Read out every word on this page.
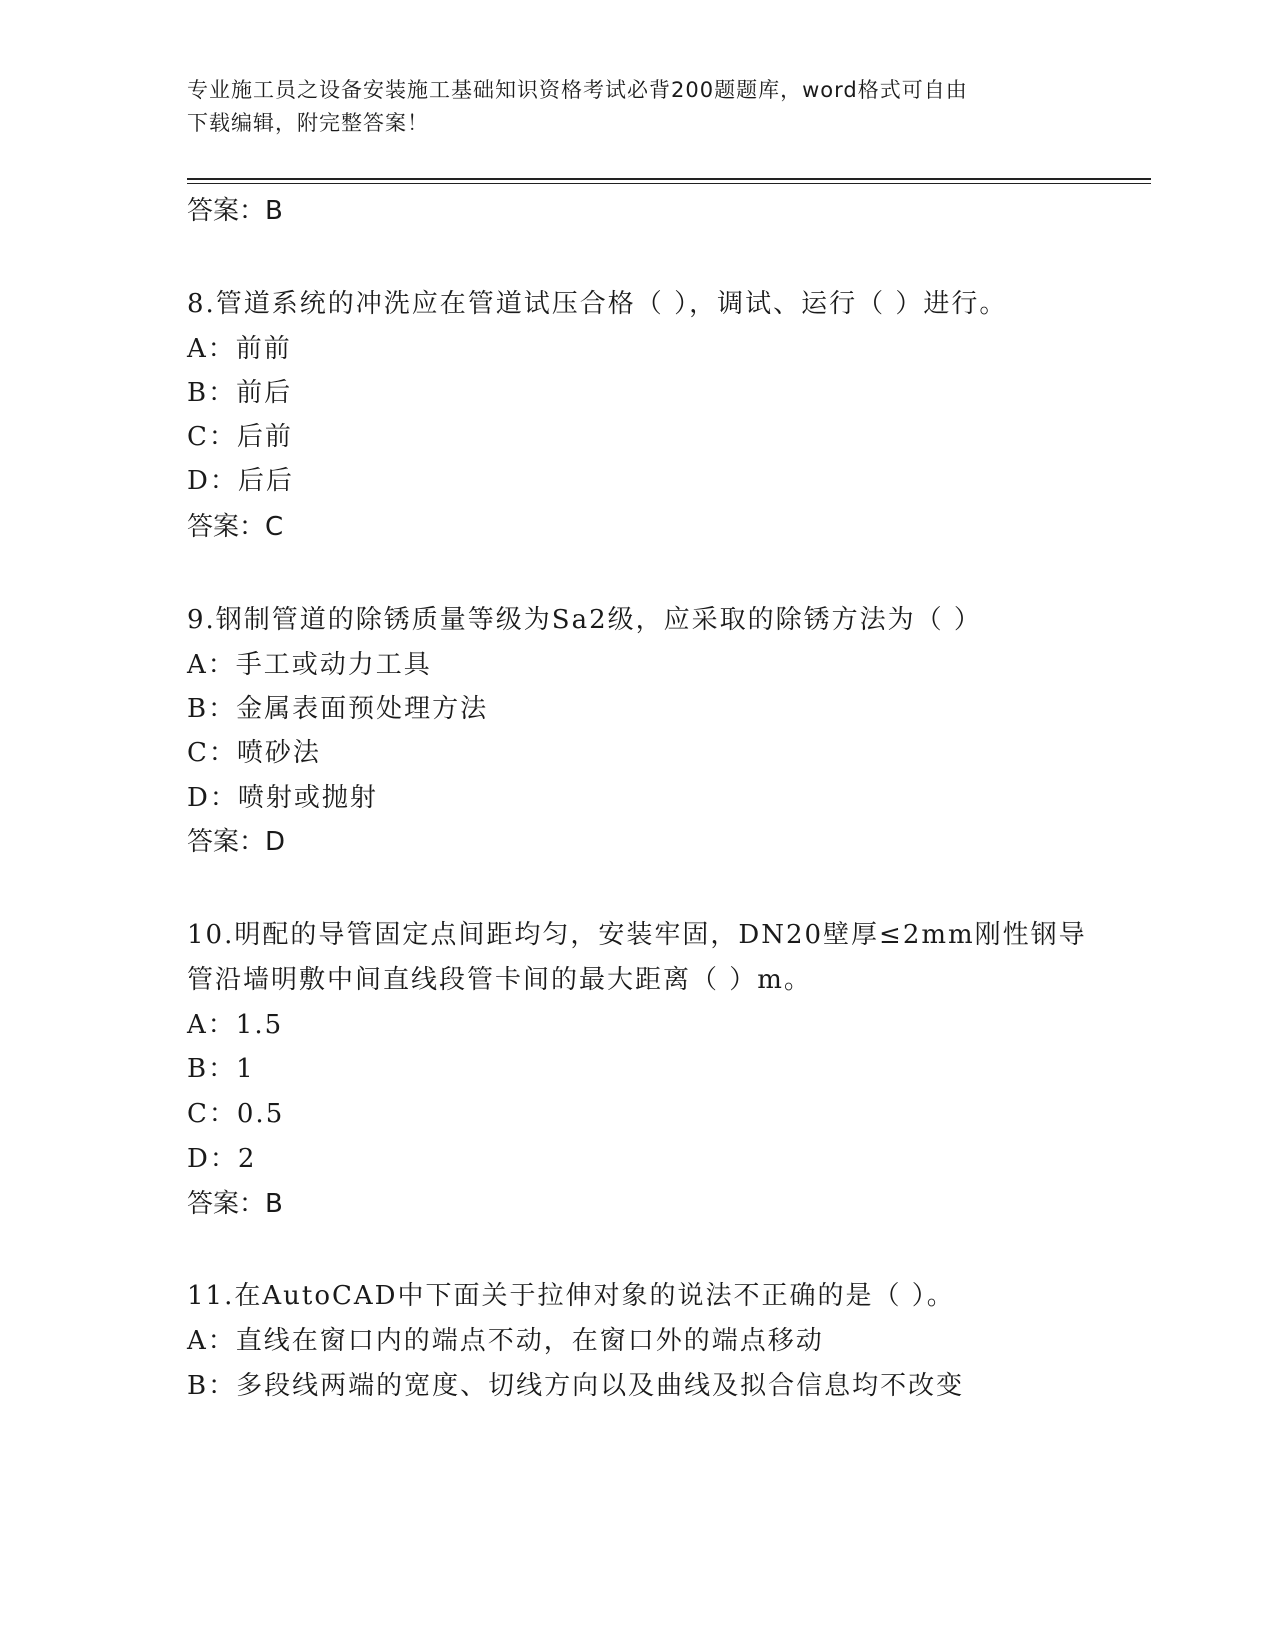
专业施工员之设备安装施工基础知识资格考试必背200题题库，word格式可自由
下载编辑，附完整答案！
答案：B
8.管道系统的冲洗应在管道试压合格（ ），调试、运行（ ）进行。
A：前前
B：前后
C：后前
D：后后
答案：C
9.钢制管道的除锈质量等级为Sa2级，应采取的除锈方法为（ ）
A：手工或动力工具
B：金属表面预处理方法
C：喷砂法
D：喷射或抛射
答案：D
10.明配的导管固定点间距均匀，安装牢固，DN20壁厚≤2mm刚性钢导
管沿墙明敷中间直线段管卡间的最大距离（ ）m。
A：1.5
B：1
C：0.5
D：2
答案：B
11.在AutoCAD中下面关于拉伸对象的说法不正确的是（ ）。
A：直线在窗口内的端点不动，在窗口外的端点移动
B：多段线两端的宽度、切线方向以及曲线及拟合信息均不改变
